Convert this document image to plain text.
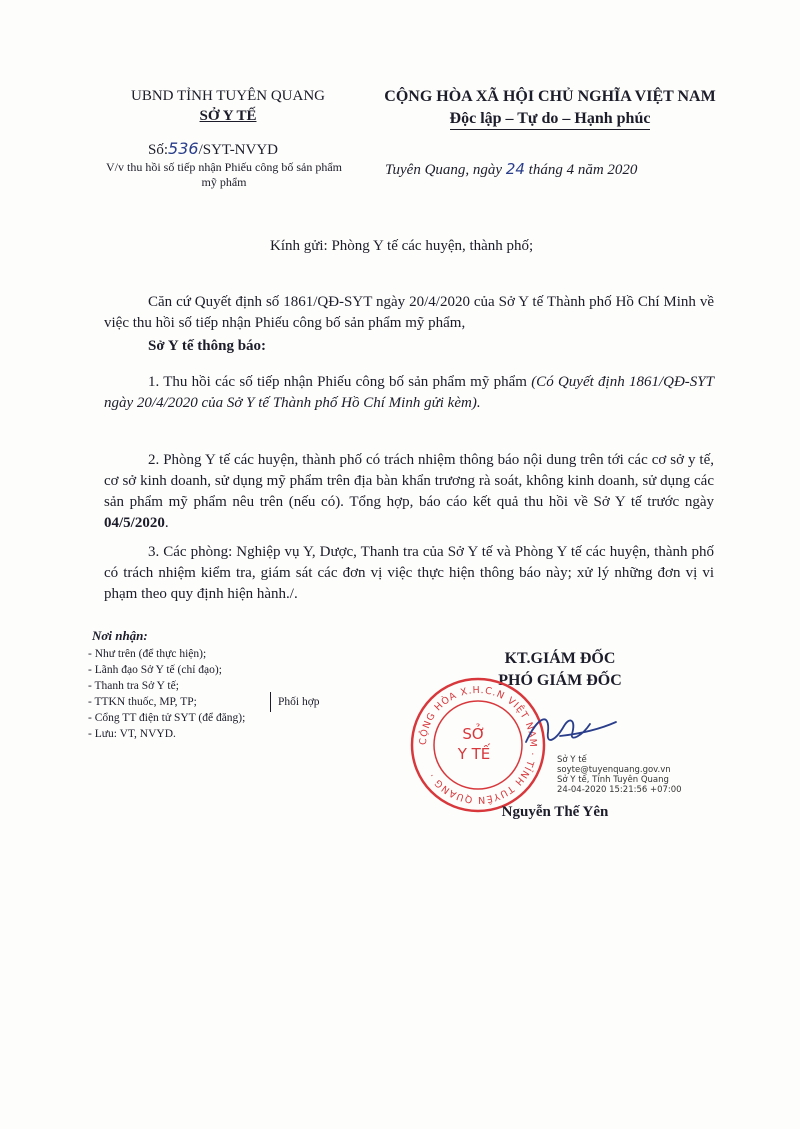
UBND TỈNH TUYÊN QUANG
SỞ Y TẾ
CỘNG HÒA XÃ HỘI CHỦ NGHĨA VIỆT NAM
Độc lập – Tự do – Hạnh phúc
Số:536/SYT-NVYD
V/v thu hồi số tiếp nhận Phiếu công bố sản phẩm mỹ phẩm
Tuyên Quang, ngày 24 tháng 4 năm 2020
Kính gửi: Phòng Y tế các huyện, thành phố;
Căn cứ Quyết định số 1861/QĐ-SYT ngày 20/4/2020 của Sở Y tế Thành phố Hồ Chí Minh về việc thu hồi số tiếp nhận Phiếu công bố sản phẩm mỹ phẩm,
Sở Y tế thông báo:
1. Thu hồi các số tiếp nhận Phiếu công bố sản phẩm mỹ phẩm (Có Quyết định 1861/QĐ-SYT ngày 20/4/2020 của Sở Y tế Thành phố Hồ Chí Minh gửi kèm).
2. Phòng Y tế các huyện, thành phố có trách nhiệm thông báo nội dung trên tới các cơ sở y tế, cơ sở kinh doanh, sử dụng mỹ phẩm trên địa bàn khẩn trương rà soát, không kinh doanh, sử dụng các sản phẩm mỹ phẩm nêu trên (nếu có). Tổng hợp, báo cáo kết quả thu hồi về Sở Y tế trước ngày 04/5/2020.
3. Các phòng: Nghiệp vụ Y, Dược, Thanh tra của Sở Y tế và Phòng Y tế các huyện, thành phố có trách nhiệm kiểm tra, giám sát các đơn vị việc thực hiện thông báo này; xử lý những đơn vị vi phạm theo quy định hiện hành./.
Nơi nhận:
- Như trên (để thực hiện);
- Lãnh đạo Sở Y tế (chỉ đạo);
- Thanh tra Sở Y tế;
- TTKN thuốc, MP, TP;
- Cổng TT điện tử SYT (để đăng);
- Lưu: VT, NVYD.
Phối hợp
KT.GIÁM ĐỐC
PHÓ GIÁM ĐỐC
CỘNG HÒA X.H.C.N VIỆT NAM · TỈNH TUYÊN QUANG ·
SỞ
Y TẾ	Sở Y tế
soyte@tuyenquang.gov.vn
Sở Y tế, Tỉnh Tuyên Quang
24-04-2020 15:21:56 +07:00
Nguyễn Thế Yên
